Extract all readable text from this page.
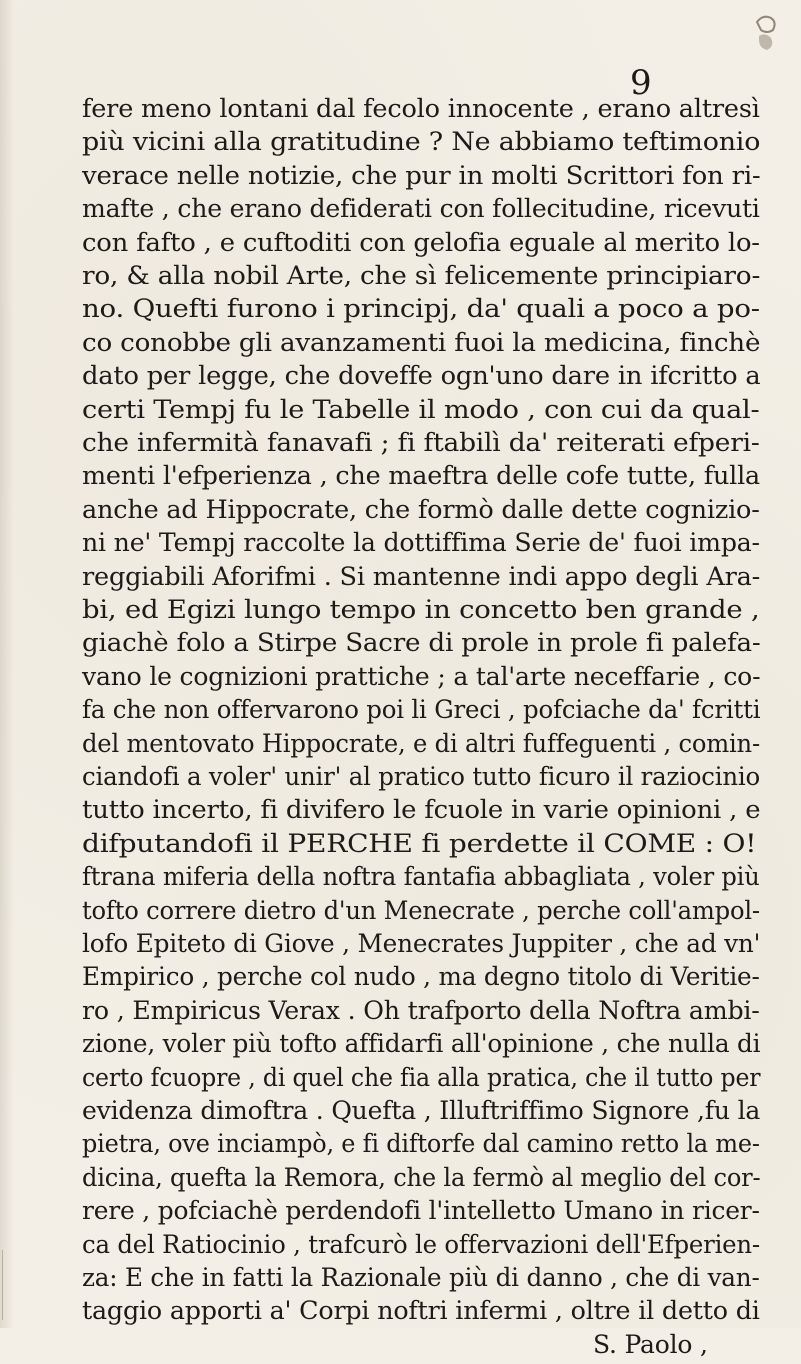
9
fere meno lontani dal fecolo innocente , erano altresì
più vicini alla gratitudine ? Ne abbiamo teftimonio
verace nelle notizie, che pur in molti Scrittori fon ri-
mafte , che erano defiderati con follecitudine, ricevuti
con fafto , e cuftoditi con gelofia eguale al merito lo-
ro, & alla nobil Arte, che sì felicemente principiaro-
no. Quefti furono i principj, da' quali a poco a po-
co conobbe gli avanzamenti fuoi la medicina, finchè
dato per legge, che doveffe ogn'uno dare in ifcritto a
certi Tempj fu le Tabelle il modo , con cui da qual-
che infermità fanavafi ; fi ftabilì da' reiterati efperi-
menti l'efperienza , che maeftra delle cofe tutte, fulla
anche ad Hippocrate, che formò dalle dette cognizio-
ni ne' Tempj raccolte la dottiffima Serie de' fuoi impa-
reggiabili Aforifmi . Si mantenne indi appo degli Ara-
bi, ed Egizi lungo tempo in concetto ben grande ,
giachè folo a Stirpe Sacre di prole in prole fi palefa-
vano le cognizioni prattiche ; a tal'arte neceffarie , co-
fa che non offervarono poi li Greci , pofciache da' fcritti
del mentovato Hippocrate, e di altri fuffeguenti , comin-
ciandofi a voler' unir' al pratico tutto ficuro il raziocinio
tutto incerto, fi divifero le fcuole in varie opinioni , e
difputandofi il PERCHE fi perdette il COME : O!
ftrana miferia della noftra fantafia abbagliata , voler più
tofto correre dietro d'un Menecrate , perche coll'ampol-
lofo Epiteto di Giove , Menecrates Juppiter , che ad vn'
Empirico , perche col nudo , ma degno titolo di Veritie-
ro , Empiricus Verax . Oh trafporto della Noftra ambi-
zione, voler più tofto affidarfi all'opinione , che nulla di
certo fcuopre , di quel che fia alla pratica, che il tutto per
evidenza dimoftra . Quefta , Illuftriffimo Signore ,fu la
pietra, ove inciampò, e fi diftorfe dal camino retto la me-
dicina, quefta la Remora, che la fermò al meglio del cor-
rere , pofciachè perdendofi l'intelletto Umano in ricer-
ca del Ratiocinio , trafcurò le offervazioni dell'Efperien-
za: E che in fatti la Razionale più di danno , che di van-
taggio apporti a' Corpi noftri infermi , oltre il detto di
S. Paolo ,
